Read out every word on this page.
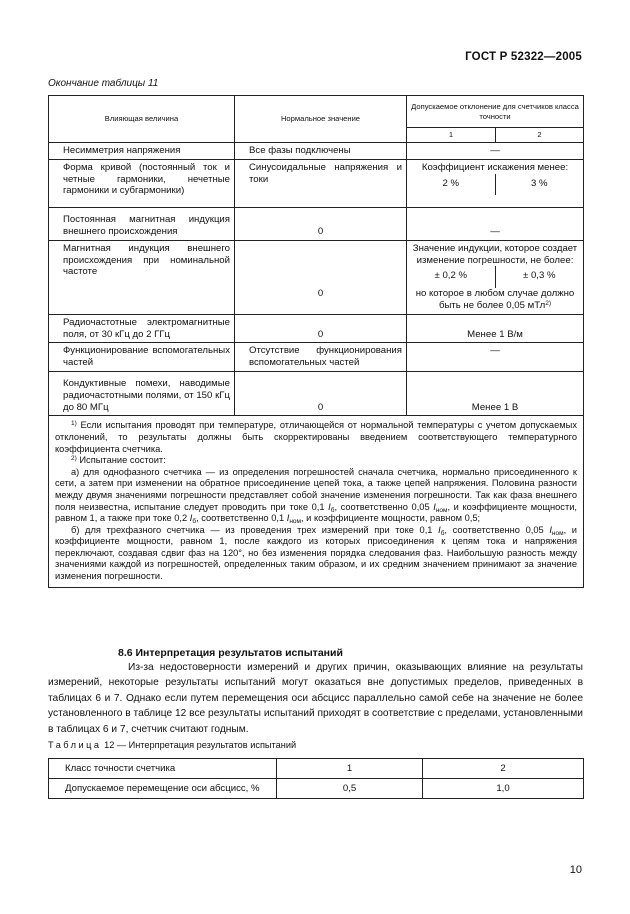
ГОСТ Р 52322—2005
Окончание таблицы 11
Влияющая величина	Нормальное значение	Допускаемое отклонение для счетчиков класса точности	
		1	2
Несимметрия напряжения	Все фазы подключены	—	
Форма кривой (постоянный ток и четные гармоники, нечетные гармоники и субгармоники)	Синусоидальные напряжения и токи	Коэффициент искажения менее:
2 % 3 %	

Постоянная магнитная индукция внешнего происхождения	0	—	
Магнитная индукция внешнего происхождения при номинальной частоте	0	Значение индукции, которое создает изменение погрешности, не более:
± 0,2 % ± 0,3 %
но которое в любом случае должно быть не более 0,05 мТл$^{2)}$

Радиочастотные электромагнитные поля, от 30 кГц до 2 ГГц	0	Менее 1 В/м	
Функционирование вспомогательных частей	Отсутствие функционирования вспомогательных частей	—	
Кондуктивные помехи, наводимые радиочастотными полями, от 150 кГц до 80 МГц	0	Менее 1 В	

$^{1)}$ Если испытания проводят при температуре, отличающейся от нормальной температуры с учетом допускаемых отклонений, то результаты должны быть скорректированы введением соответствующего температурного коэффициента счетчика.

$^{2)}$ Испытание состоит:

а) для однофазного счетчика — из определения погрешностей сначала счетчика, нормально присоединенного к сети, а затем при изменении на обратное присоединение цепей тока, а также цепей напряжения. Половина разности между двумя значениями погрешности представляет собой значение изменения погрешности. Так как фаза внешнего поля неизвестна, испытание следует проводить при токе 0,1 $I_б$, соответственно 0,05 $I_{ном}$, и коэффициенте мощности, равном 1, а также при токе 0,2 $I_б$, соответственно 0,1 $I_{ном}$, и коэффициенте мощности, равном 0,5;

б) для трехфазного счетчика — из проведения трех измерений при токе 0,1 $I_б$, соответственно 0,05 $I_{ном}$, и коэффициенте мощности, равном 1, после каждого из которых присоединения к цепям тока и напряжения переключают, создавая сдвиг фаз на 120°, но без изменения порядка следования фаз. Наибольшую разность между значениями каждой из погрешностей, определенных таким образом, и их средним значением принимают за значение изменения погрешности.			

8.6 Интерпретация результатов испытаний

Из-за недостоверности измерений и других причин, оказывающих влияние на результаты измерений, некоторые результаты испытаний могут оказаться вне допустимых пределов, приведенных в таблицах 6 и 7. Однако если путем перемещения оси абсцисс параллельно самой себе на значение не более установленного в таблице 12 все результаты испытаний приходят в соответствие с пределами, установленными в таблицах 6 и 7, счетчик считают годным.

Таблица 12 — Интерпретация результатов испытаний
Класс точности счетчика	1	2
Допускаемое перемещение оси абсцисс, %	0,5	1,0
10
